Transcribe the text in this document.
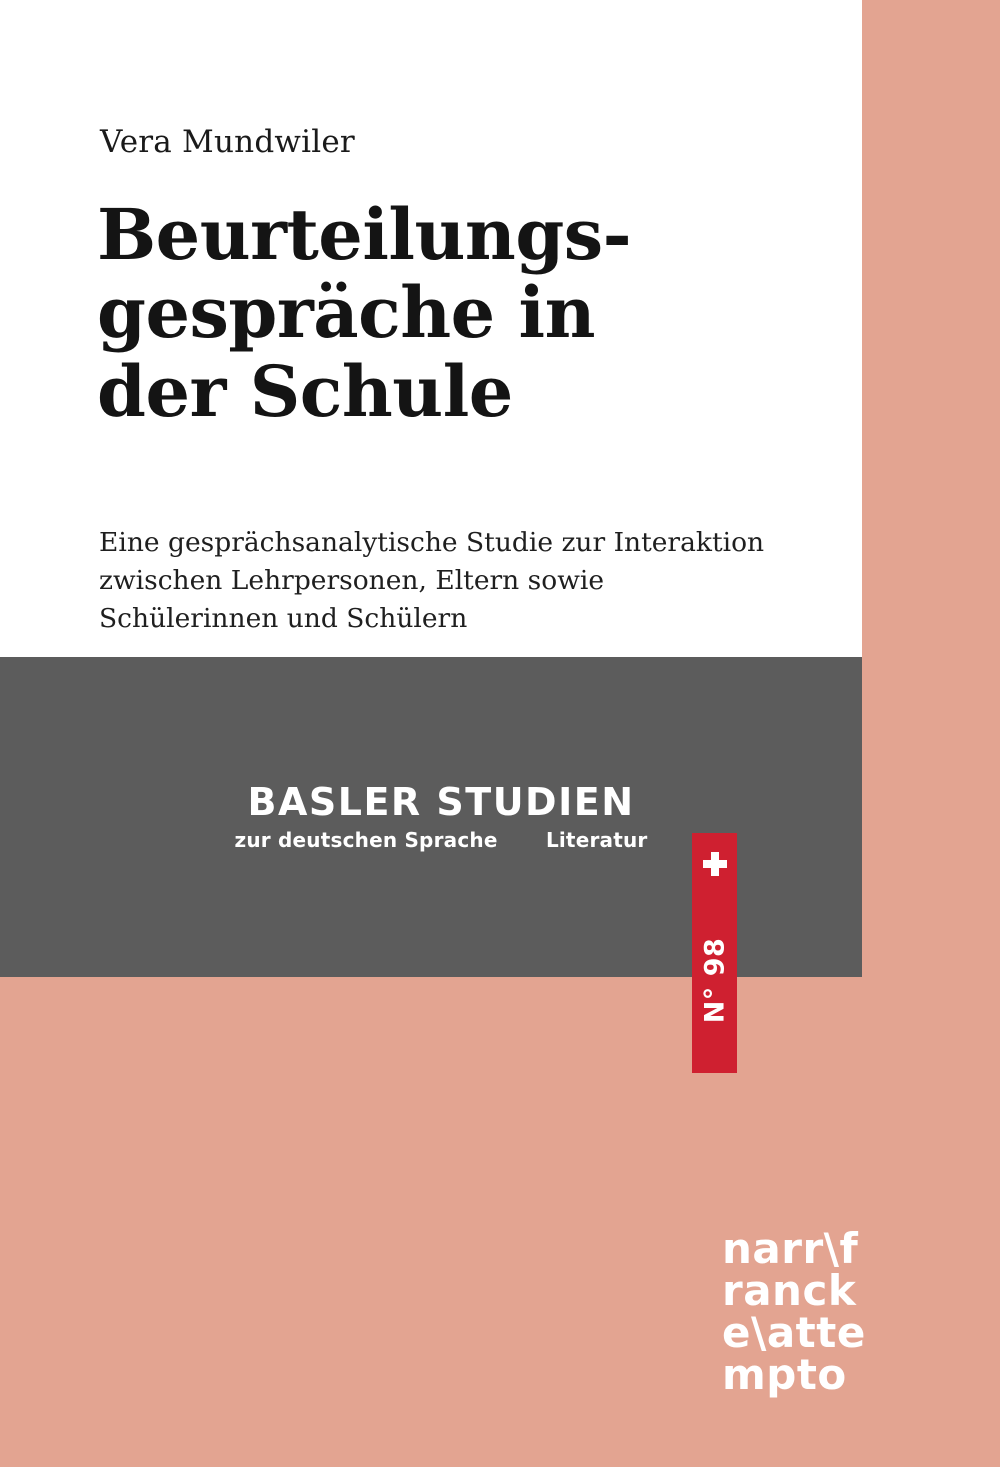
Vera Mundwiler
Beurteilungs-
gespräche in
der Schule
Eine gesprächsanalytische Studie zur Interaktion
zwischen Lehrpersonen, Eltern sowie
Schülerinnen und Schülern
BASLER STUDIEN
zur deutschen Sprache Literatur
N° 98
narr\f
ranck
e\atte
mpto
